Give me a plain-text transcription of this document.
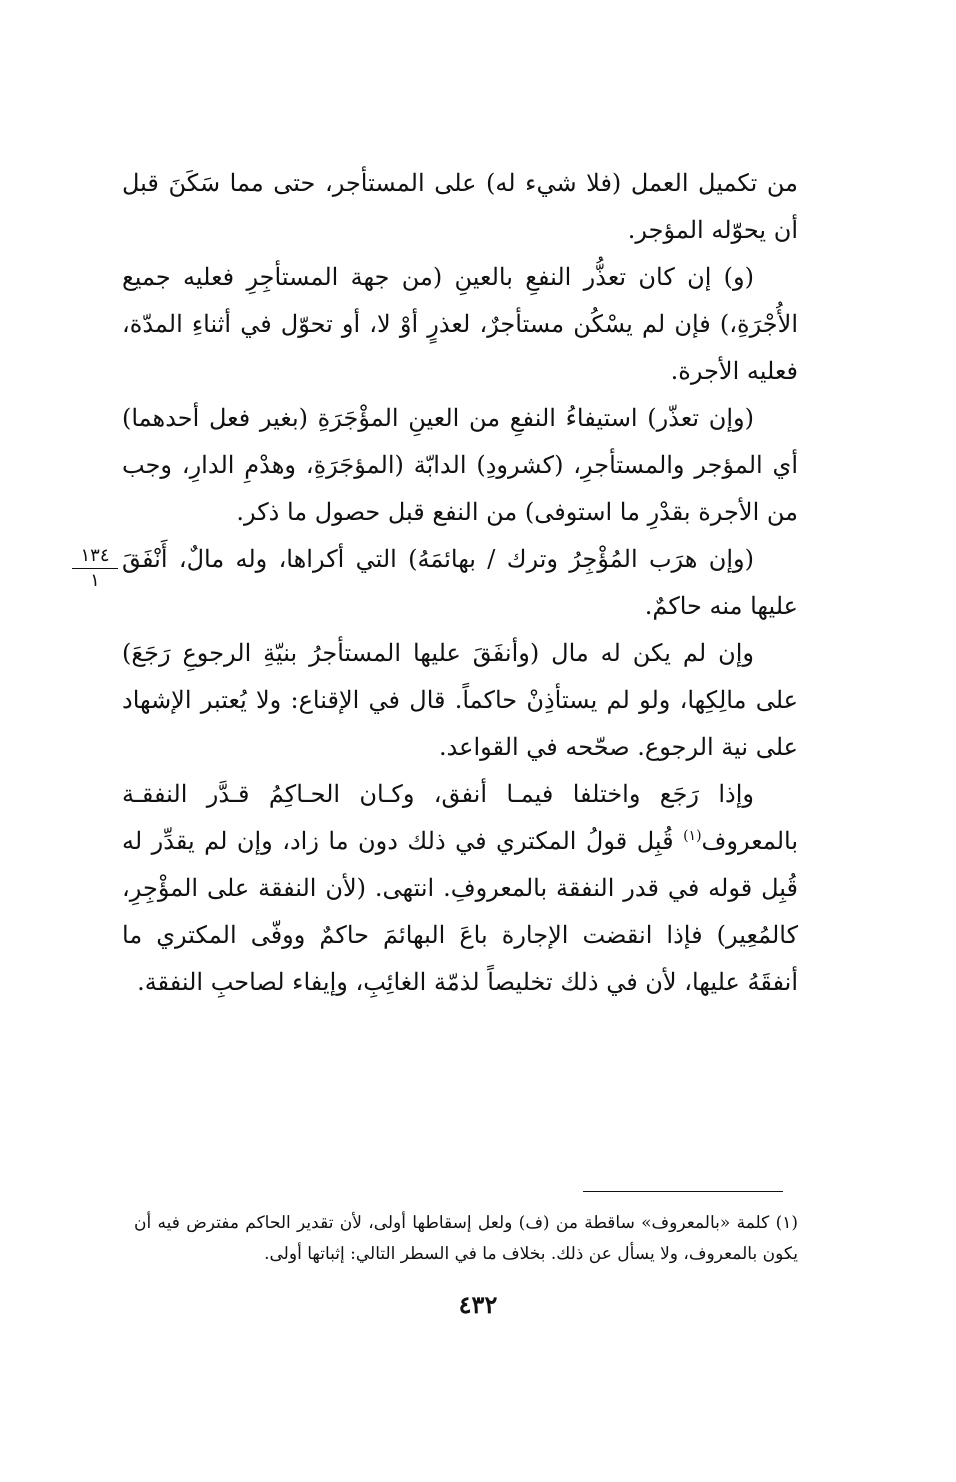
من تكميل العمل (فلا شيء له) على المستأجر، حتى مما سَكَنَ قبل أن يحوّله المؤجر.

(و) إن كان تعذُّر النفعِ بالعينِ (من جهة المستأجِرِ فعليه جميع الأُجْرَةِ،) فإن لم يسْكُن مستأجرٌ، لعذرٍ أوْ لا، أو تحوّل في أثناءِ المدّة، فعليه الأجرة.

(وإن تعذّر) استيفاءُ النفعِ من العينِ المؤْجَرَةِ (بغير فعل أحدهما) أي المؤجر والمستأجرِ، (كشرودِ) الدابّة (المؤجَرَةِ، وهدْمِ الدارِ، وجب من الأجرة بقدْرِ ما استوفى) من النفع قبل حصول ما ذكر.

(وإن هرَب المُؤْجِرُ وترك / بهائمَهُ) التي أكراها، وله مالٌ، أَنْفَقَ عليها منه حاكمٌ.

وإن لم يكن له مال (وأنفَقَ عليها المستأجرُ بنيّةِ الرجوعِ رَجَعَ) على مالِكِها، ولو لم يستأذِنْ حاكماً. قال في الإقناع: ولا يُعتبر الإشهاد على نية الرجوع. صحّحه في القواعد.

وإذا رَجَع واختلفا فيمـا أنفق، وكـان الحـاكِمُ قـدَّر النفقـة بالمعروف$^{(١)}$ قُبِل قولُ المكتري في ذلك دون ما زاد، وإن لم يقدِّر له قُبِل قوله في قدر النفقة بالمعروفِ. انتهى. (لأن النفقة على المؤْجِرِ، كالمُعِير) فإذا انقضت الإجارة باعَ البهائمَ حاكمٌ ووفّى المكتري ما أنفقَهُ عليها، لأن في ذلك تخليصاً لذمّة الغائِبِ، وإيفاء لصاحبِ النفقة.

١٣٤
١

(١) كلمة «بالمعروف» ساقطة من (ف) ولعل إسقاطها أولى، لأن تقدير الحاكم مفترض فيه أن يكون بالمعروف، ولا يسأل عن ذلك. بخلاف ما في السطر التالي: إثباتها أولى.

٤٣٢
